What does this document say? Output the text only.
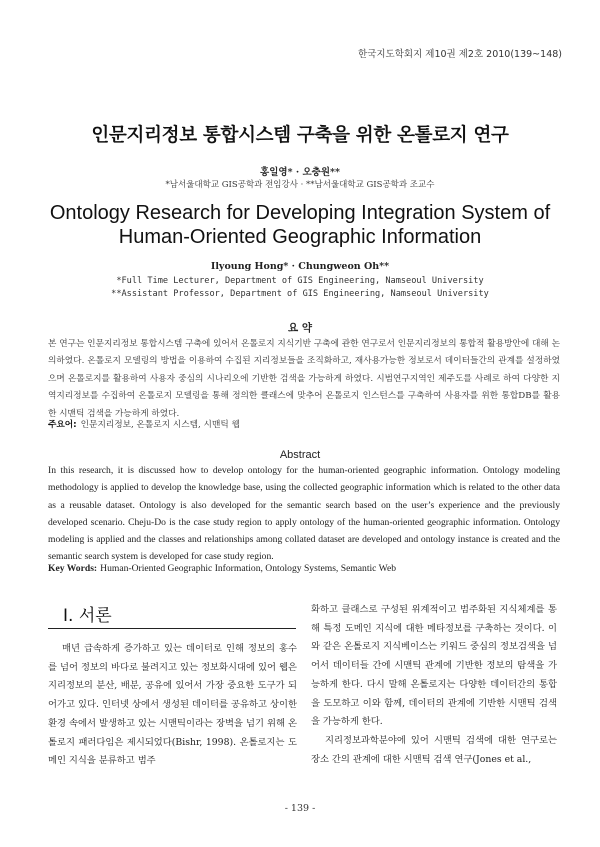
한국지도학회지 제10권 제2호 2010(139~148)
인문지리정보 통합시스템 구축을 위한 온톨로지 연구
홍일영* · 오충원**
*남서울대학교 GIS공학과 전임강사 · **남서울대학교 GIS공학과 조교수
Ontology Research for Developing Integration System of
Human-Oriented Geographic Information
Ilyoung Hong* · Chungweon Oh**
*Full Time Lecturer, Department of GIS Engineering, Namseoul University
**Assistant Professor, Department of GIS Engineering, Namseoul University
요 약
본 연구는 인문지리정보 통합시스템 구축에 있어서 온톨로지 지식기반 구축에 관한 연구로서 인문지리정보의 통합적 활용방안에 대해 논의하였다. 온톨로지 모델링의 방법을 이용하여 수집된 지리정보들을 조직화하고, 재사용가능한 정보로서 데이터들간의 관계를 설정하였으며 온톨로지를 활용하여 사용자 중심의 시나리오에 기반한 검색을 가능하게 하였다. 시범연구지역인 제주도를 사례로 하여 다양한 지역지리정보를 수집하여 온톨로지 모델링을 통해 정의한 클래스에 맞추어 온톨로지 인스턴스를 구축하여 사용자를 위한 통합DB를 활용한 시맨틱 검색을 가능하게 하였다.
주요어: 인문지리정보, 온톨로지 시스템, 시맨틱 웹
Abstract
In this research, it is discussed how to develop ontology for the human-oriented geographic information. Ontology modeling methodology is applied to develop the knowledge base, using the collected geographic information which is related to the other data as a reusable dataset. Ontology is also developed for the semantic search based on the user’s experience and the previously developed scenario. Cheju-Do is the case study region to apply ontology of the human-oriented geographic information. Ontology modeling is applied and the classes and relationships among collated dataset are developed and ontology instance is created and the semantic search system is developed for case study region.
Key Words: Human-Oriented Geographic Information, Ontology Systems, Semantic Web
I. 서론

매년 급속하게 증가하고 있는 데이터로 인해 정보의 홍수를 넘어 정보의 바다로 불려지고 있는 정보화시대에 있어 웹은 지리정보의 분산, 배분, 공유에 있어서 가장 중요한 도구가 되어가고 있다. 인터넷 상에서 생성된 데이터를 공유하고 상이한 환경 속에서 발생하고 있는 시맨틱이라는 장벽을 넘기 위해 온톨로지 패러다임은 제시되었다(Bishr, 1998). 온톨로지는 도메인 지식을 분류하고 범주

화하고 클래스로 구성된 위계적이고 범주화된 지식체계를 통해 특정 도메인 지식에 대한 메타정보를 구축하는 것이다. 이와 같은 온톨로지 지식베이스는 키워드 중심의 정보검색을 넘어서 데이터들 간에 시맨틱 관계에 기반한 정보의 탐색을 가능하게 한다. 다시 말해 온톨로지는 다양한 데이터간의 통합을 도모하고 이와 함께, 데이터의 관계에 기반한 시맨틱 검색을 가능하게 한다.

지리정보과학분야에 있어 시맨틱 검색에 대한 연구로는 장소 간의 관계에 대한 시맨틱 검색 연구(Jones et al.,

- 139 -
